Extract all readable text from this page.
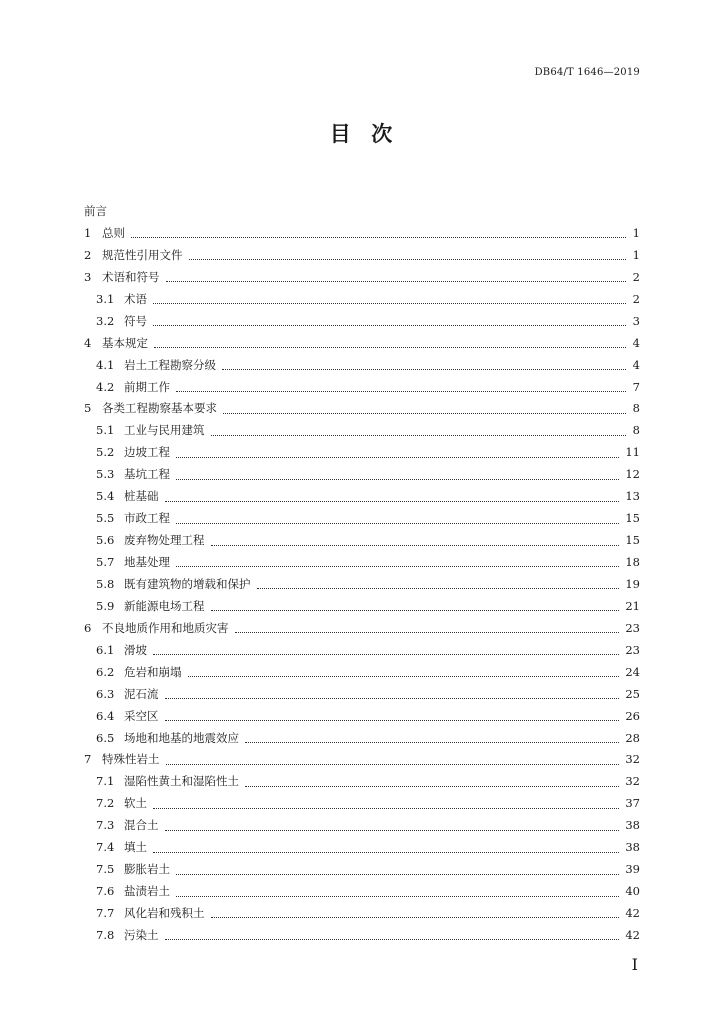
DB64/T 1646—2019
目  次
前言
1 总则	1
2 规范性引用文件	1
3 术语和符号	2
3.1 术语	2
3.2 符号	3
4 基本规定	4
4.1 岩土工程勘察分级	4
4.2 前期工作	7
5 各类工程勘察基本要求	8
5.1 工业与民用建筑	8
5.2 边坡工程	11
5.3 基坑工程	12
5.4 桩基础	13
5.5 市政工程	15
5.6 废弃物处理工程	15
5.7 地基处理	18
5.8 既有建筑物的增载和保护	19
5.9 新能源电场工程	21
6 不良地质作用和地质灾害	23
6.1 滑坡	23
6.2 危岩和崩塌	24
6.3 泥石流	25
6.4 采空区	26
6.5 场地和地基的地震效应	28
7 特殊性岩土	32
7.1 湿陷性黄土和湿陷性土	32
7.2 软土	37
7.3 混合土	38
7.4 填土	38
7.5 膨胀岩土	39
7.6 盐渍岩土	40
7.7 风化岩和残积土	42
7.8 污染土	42
I
